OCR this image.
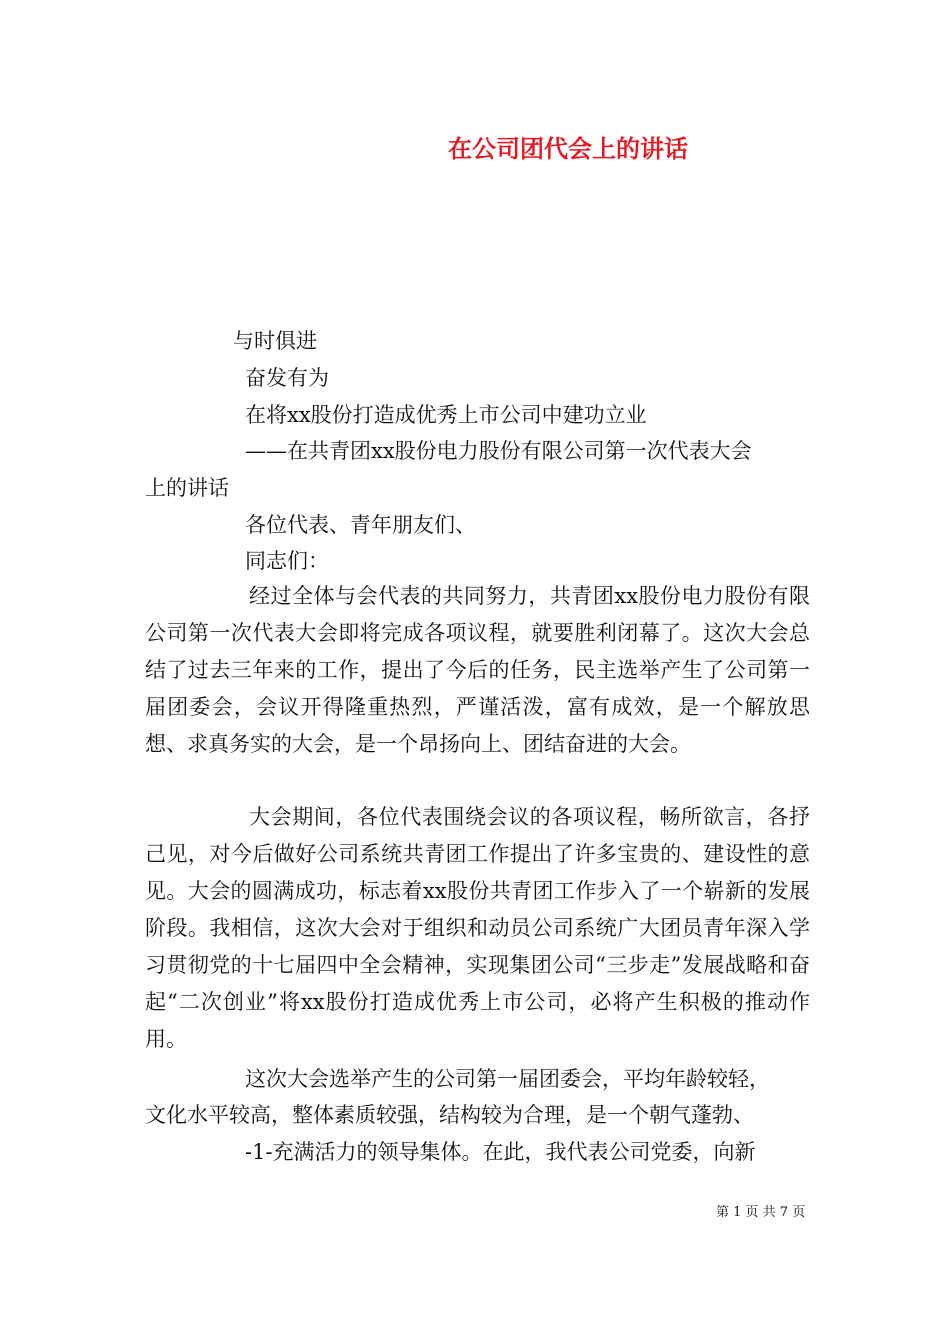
在公司团代会上的讲话
与时俱进
奋发有为
在将xx股份打造成优秀上市公司中建功立业
——在共青团xx股份电力股份有限公司第一次代表大会
上的讲话
各位代表、青年朋友们、
同志们：
经过全体与会代表的共同努力，共青团xx股份电力股份有限公司第一次代表大会即将完成各项议程，就要胜利闭幕了。这次大会总结了过去三年来的工作，提出了今后的任务，民主选举产生了公司第一届团委会，会议开得隆重热烈，严谨活泼，富有成效，是一个解放思想、求真务实的大会，是一个昂扬向上、团结奋进的大会。
大会期间，各位代表围绕会议的各项议程，畅所欲言，各抒己见，对今后做好公司系统共青团工作提出了许多宝贵的、建设性的意见。大会的圆满成功，标志着xx股份共青团工作步入了一个崭新的发展阶段。我相信，这次大会对于组织和动员公司系统广大团员青年深入学习贯彻党的十七届四中全会精神，实现集团公司“三步走”发展战略和奋起“二次创业”将xx股份打造成优秀上市公司，必将产生积极的推动作用。
这次大会选举产生的公司第一届团委会，平均年龄较轻，
文化水平较高，整体素质较强，结构较为合理，是一个朝气蓬勃、
-1-充满活力的领导集体。在此，我代表公司党委，向新
第 1 页 共 7 页
